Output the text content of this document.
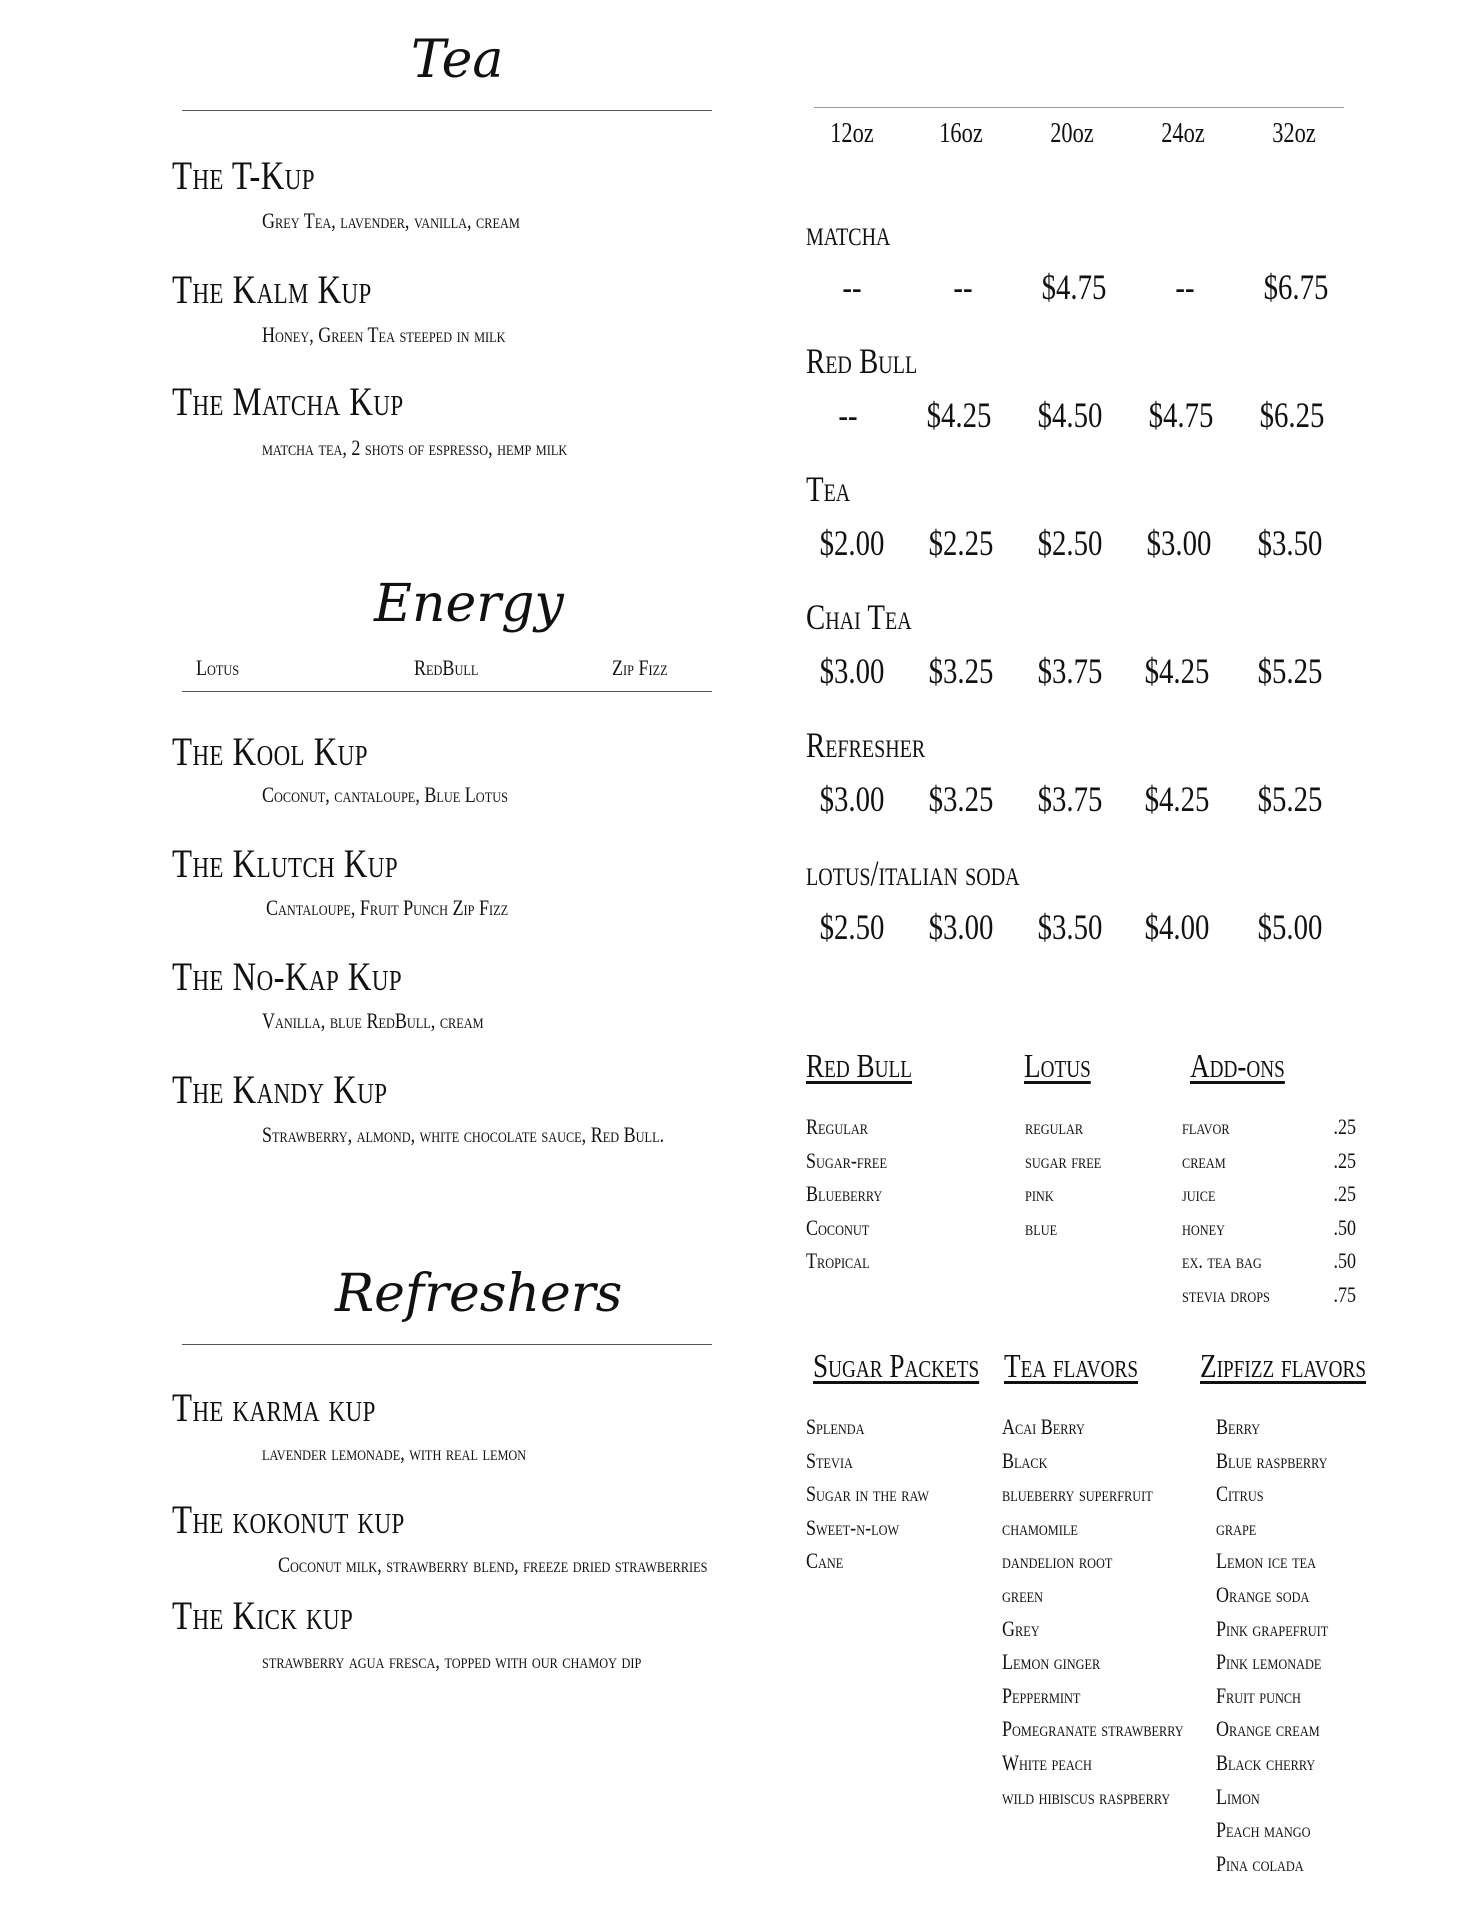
Tea
The T-Kup
Grey Tea, lavender, vanilla, cream
The Kalm Kup
Honey, Green Tea steeped in milk
The Matcha Kup
matcha tea, 2 shots of espresso, hemp milk
Energy
Lotus	RedBull	Zip Fizz
The Kool Kup
Coconut, cantaloupe, Blue Lotus
The Klutch Kup
Cantaloupe, Fruit Punch Zip Fizz
The No-Kap Kup
Vanilla, blue RedBull, cream
The Kandy Kup
Strawberry, almond, white chocolate sauce, Red Bull.
Refreshers
The karma kup
lavender lemonade, with real lemon
The kokonut kup
Coconut milk, strawberry blend, freeze dried strawberries
The Kick kup
strawberry agua fresca, topped with our chamoy dip
12oz	16oz	20oz	24oz	32oz
matcha
--	--	$4.75	--	$6.75
Red Bull
--	$4.25	$4.50	$4.75	$6.25
Tea
$2.00	$2.25	$2.50	$3.00	$3.50
Chai Tea
$3.00	$3.25	$3.75	$4.25	$5.25
Refresher
$3.00	$3.25	$3.75	$4.25	$5.25
lotus/italian soda
$2.50	$3.00	$3.50	$4.00	$5.00
Red Bull
Regular
Sugar-free
Blueberry
Coconut
Tropical
Lotus
regular
sugar free
pink
blue
Add-ons
flavor	.25
cream	.25
juice	.25
honey	.50
ex. tea bag	.50
stevia drops	.75
Sugar Packets
Splenda
Stevia
Sugar in the raw
Sweet-n-low
Cane
Tea flavors
Acai Berry
Black
blueberry superfruit
chamomile
dandelion root
green
Grey
Lemon ginger
Peppermint
Pomegranate strawberry
White peach
wild hibiscus raspberry
Zipfizz flavors
Berry
Blue raspberry
Citrus
grape
Lemon ice tea
Orange soda
Pink grapefruit
Pink lemonade
Fruit punch
Orange cream
Black cherry
Limon
Peach mango
Pina colada
